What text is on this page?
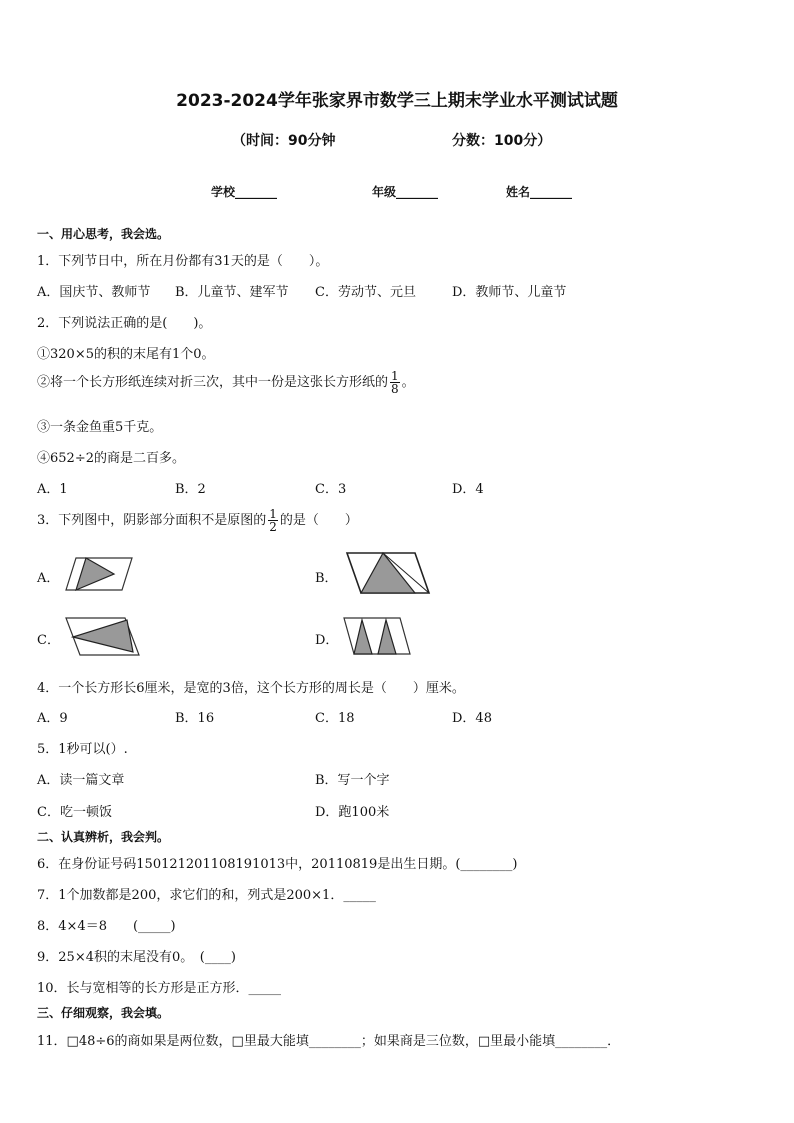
2023-2024学年张家界市数学三上期末学业水平测试试题
（时间：90分钟	分数：100分）
学校_______	年级_______	姓名_______
一、用心思考，我会选。
1．下列节日中，所在月份都有31天的是（　　）。
A．国庆节、教师节 B．儿童节、建军节 C．劳动节、元旦	D．教师节、儿童节
2．下列说法正确的是(　　)。
①320×5的积的末尾有1个0。
②将一个长方形纸连续对折三次，其中一份是这张长方形纸的 $\frac{1}{8}$ 。
③一条金鱼重5千克。
④652÷2的商是二百多。
A．1	B．2	C．3	D．4
3．下列图中，阴影部分面积不是原图的 $\frac{1}{2}$ 的是（　　）
A．	B．
C．	D．
4．一个长方形长6厘米，是宽的3倍，这个长方形的周长是（　　）厘米。
A．9	B．16	C．18	D．48
5．1秒可以(）.
A．读一篇文章	B．写一个字
C．吃一顿饭	D．跑100米
二、认真辨析，我会判。
6．在身份证号码150121201108191013中，20110819是出生日期。(________)
7．1个加数都是200，求它们的和，列式是200×1．_____
8．4×4＝8　　(_____)
9．25×4积的末尾没有0。　(____)
10．长与宽相等的长方形是正方形．_____
三、仔细观察，我会填。
11．□48÷6的商如果是两位数，□里最大能填________；如果商是三位数，□里最小能填________．
